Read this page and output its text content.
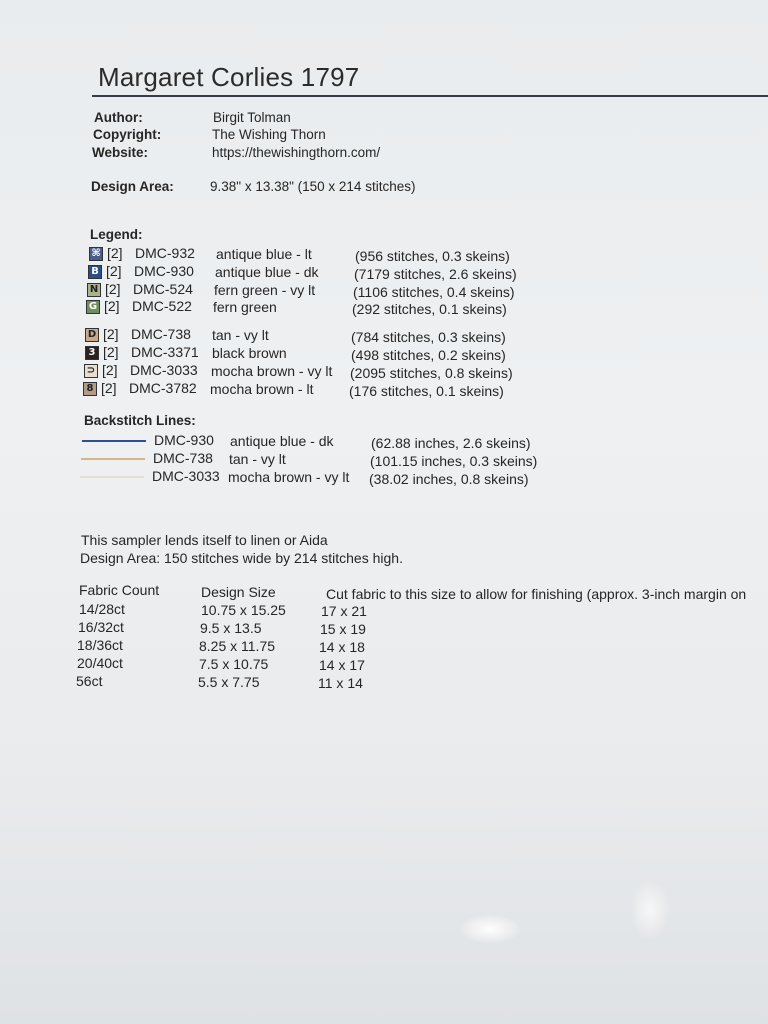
Margaret Corlies 1797
Author:	Birgit Tolman
Copyright:	The Wishing Thorn
Website:	https://thewishingthorn.com/
Design Area:	9.38" x 13.38" (150 x 214 stitches)
Legend:
⌘ [2] DMC-932 antique blue - lt	(956 stitches, 0.3 skeins)
B [2] DMC-930 antique blue - dk	(7179 stitches, 2.6 skeins)
N [2] DMC-524 fern green - vy lt	(1106 stitches, 0.4 skeins)
G [2] DMC-522 fern green	(292 stitches, 0.1 skeins)
D [2] DMC-738 tan - vy lt	(784 stitches, 0.3 skeins)
3 [2] DMC-3371 black brown	(498 stitches, 0.2 skeins)
⊃ [2] DMC-3033 mocha brown - vy lt (2095 stitches, 0.8 skeins)
8 [2] DMC-3782 mocha brown - lt	(176 stitches, 0.1 skeins)
Backstitch Lines:
DMC-930 antique blue - dk	(62.88 inches, 2.6 skeins)
DMC-738 tan - vy lt	(101.15 inches, 0.3 skeins)
DMC-3033 mocha brown - vy lt (38.02 inches, 0.8 skeins)
This sampler lends itself to linen or Aida
Design Area: 150 stitches wide by 214 stitches high.
Fabric Count	Design Size	Cut fabric to this size to allow for finishing (approx. 3-inch margin on
14/28ct	10.75 x 15.25	17 x 21
16/32ct	9.5 x 13.5	15 x 19
18/36ct	8.25 x 11.75	14 x 18
20/40ct	7.5 x 10.75	14 x 17
56ct	5.5 x 7.75	11 x 14
